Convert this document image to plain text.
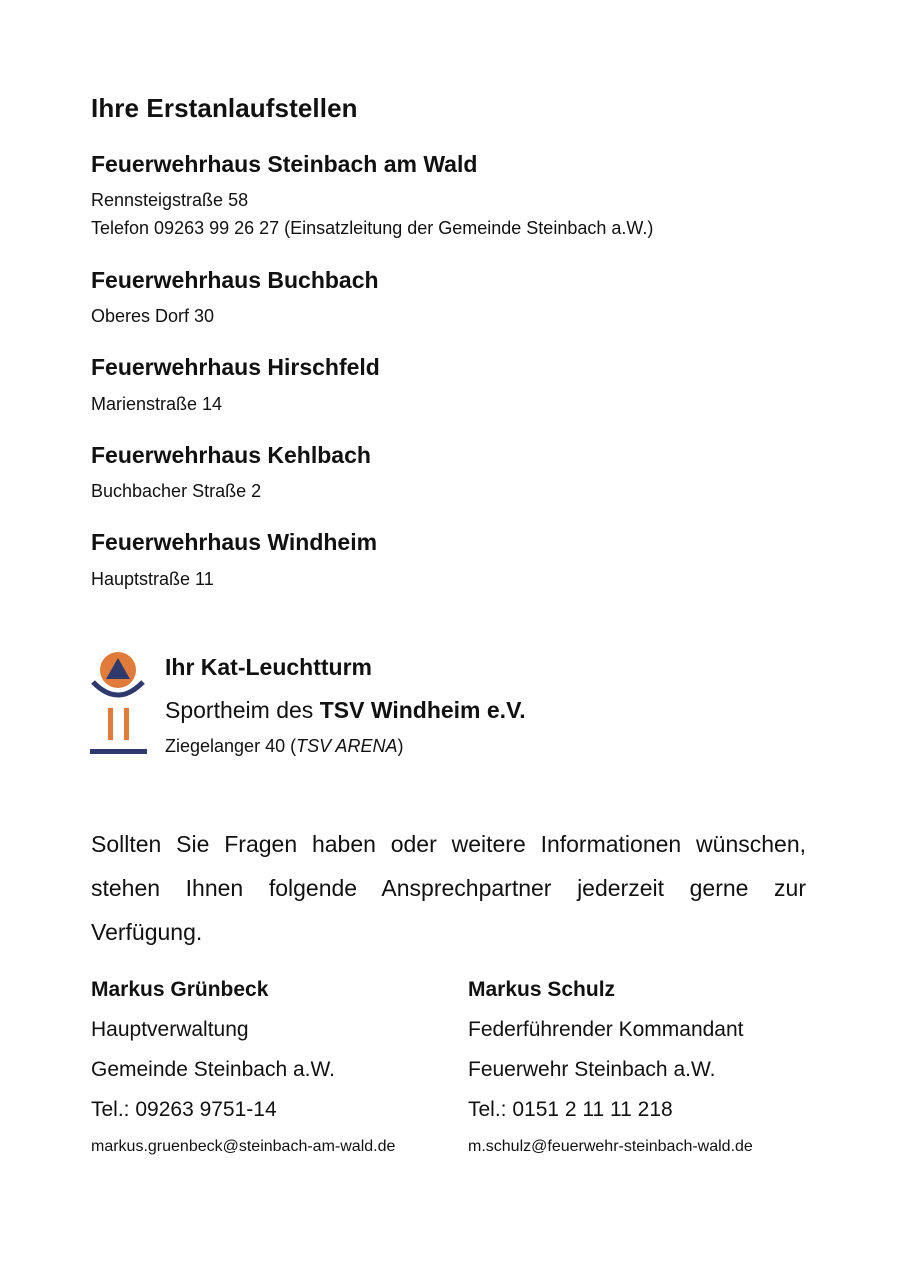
Ihre Erstanlaufstellen
Feuerwehrhaus Steinbach am Wald
Rennsteigstraße 58
Telefon 09263 99 26 27 (Einsatzleitung der Gemeinde Steinbach a.W.)
Feuerwehrhaus Buchbach
Oberes Dorf 30
Feuerwehrhaus Hirschfeld
Marienstraße 14
Feuerwehrhaus Kehlbach
Buchbacher Straße 2
Feuerwehrhaus Windheim
Hauptstraße 11
Ihr Kat-Leuchtturm
Sportheim des TSV Windheim e.V.
Ziegelanger 40 (TSV ARENA)
Sollten Sie Fragen haben oder weitere Informationen wünschen, stehen Ihnen folgende Ansprechpartner jederzeit gerne zur Verfügung.
Markus Grünbeck
Hauptverwaltung
Gemeinde Steinbach a.W.
Tel.: 09263 9751-14
markus.gruenbeck@steinbach-am-wald.de
Markus Schulz
Federführender Kommandant
Feuerwehr Steinbach a.W.
Tel.: 0151 2 11 11 218
m.schulz@feuerwehr-steinbach-wald.de
